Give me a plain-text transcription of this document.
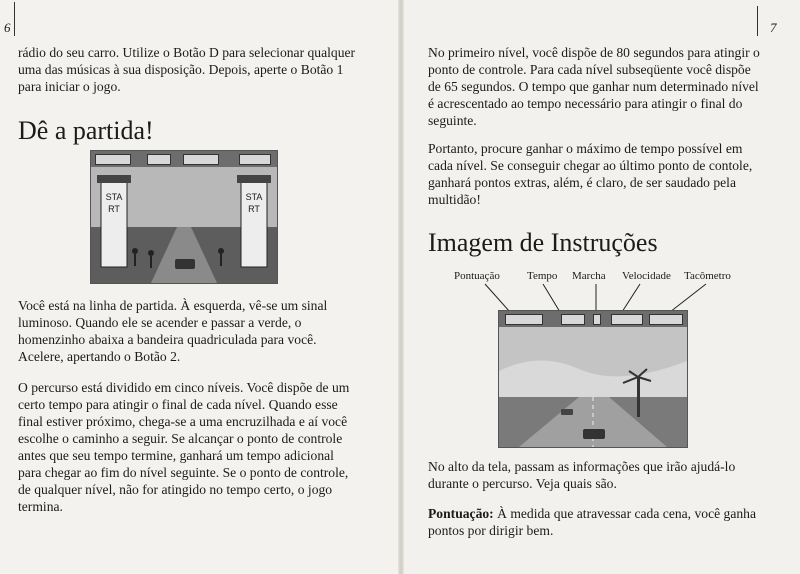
6	7

rádio do seu carro. Utilize o Botão D para selecionar qualquer uma das músicas à sua disposição. Depois, aperte o Botão 1 para iniciar o jogo.

Dê a partida!
START
START

Você está na linha de partida. À esquerda, vê-se um sinal luminoso. Quando ele se acender e passar a verde, o homenzinho abaixa a bandeira quadriculada para você. Acelere, apertando o Botão 2.

O percurso está dividido em cinco níveis. Você dispõe de um certo tempo para atingir o final de cada nível. Quando esse final estiver próximo, chega-se a uma encruzilhada e aí você escolhe o caminho a seguir. Se alcançar o ponto de controle antes que seu tempo termine, ganhará um tempo adicional para chegar ao fim do nível seguinte. Se o ponto de controle, de qualquer nível, não for atingido no tempo certo, o jogo termina.

No primeiro nível, você dispõe de 80 segundos para atingir o ponto de controle. Para cada nível subseqüente você dispõe de 65 segundos. O tempo que ganhar num determinado nível é acrescentado ao tempo necessário para atingir o final do seguinte.

Portanto, procure ganhar o máximo de tempo possível em cada nível. Se conseguir chegar ao último ponto de contole, ganhará pontos extras, além, é claro, de ser saudado pela multidão!

Imagem de Instruções
Pontuação Tempo Marcha Velocidade Tacômetro

No alto da tela, passam as informações que irão ajudá-lo durante o percurso. Veja quais são.

Pontuação: À medida que atravessar cada cena, você ganha pontos por dirigir bem.
